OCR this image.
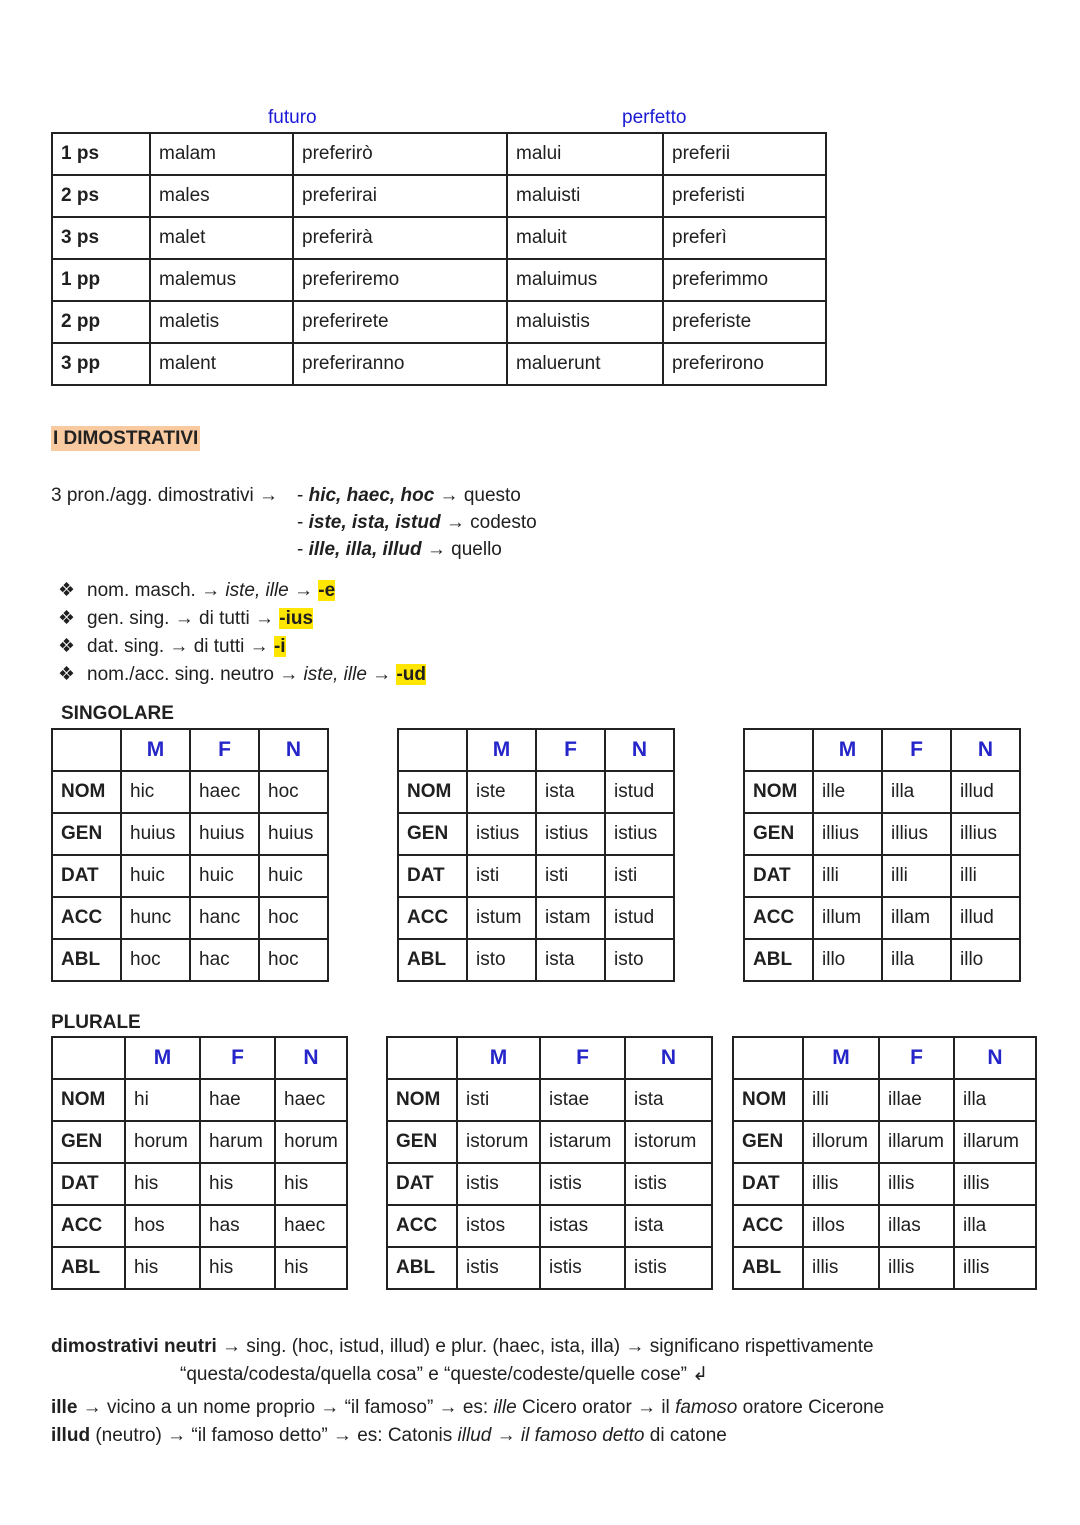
futuro	perfetto
1 ps	malam	preferirò	malui	preferii
2 ps	males	preferirai	maluisti	preferisti
3 ps	malet	preferirà	maluit	preferì
1 pp	malemus	preferiremo	maluimus	preferimmo
2 pp	maletis	preferirete	maluistis	preferiste
3 pp	malent	preferiranno	maluerunt	preferirono
I DIMOSTRATIVI
3 pron./agg. dimostrativi → - hic, haec, hoc → questo
- iste, ista, istud → codesto
- ille, illa, illud → quello
❖ nom. masch. → iste, ille → -e
❖ gen. sing. → di tutti → -ius
❖ dat. sing. → di tutti → -i
❖ nom./acc. sing. neutro → iste, ille → -ud
SINGOLARE
	M	F	N
NOM	hic	haec	hoc
GEN	huius	huius	huius
DAT	huic	huic	huic
ACC	hunc	hanc	hoc
ABL	hoc	hac	hoc
	M	F	N
NOM	iste	ista	istud
GEN	istius	istius	istius
DAT	isti	isti	isti
ACC	istum	istam	istud
ABL	isto	ista	isto
	M	F	N
NOM	ille	illa	illud
GEN	illius	illius	illius
DAT	illi	illi	illi
ACC	illum	illam	illud
ABL	illo	illa	illo
PLURALE
	M	F	N
NOM	hi	hae	haec
GEN	horum	harum	horum
DAT	his	his	his
ACC	hos	has	haec
ABL	his	his	his
	M	F	N
NOM	isti	istae	ista
GEN	istorum	istarum	istorum
DAT	istis	istis	istis
ACC	istos	istas	ista
ABL	istis	istis	istis
	M	F	N
NOM	illi	illae	illa
GEN	illorum	illarum	illarum
DAT	illis	illis	illis
ACC	illos	illas	illa
ABL	illis	illis	illis
dimostrativi neutri → sing. (hoc, istud, illud) e plur. (haec, ista, illa) → significano rispettivamente
“questa/codesta/quella cosa” e “queste/codeste/quelle cose” ↲
ille → vicino a un nome proprio → “il famoso” → es: ille Cicero orator → il famoso oratore Cicerone
illud (neutro) → “il famoso detto” → es: Catonis illud → il famoso detto di catone
